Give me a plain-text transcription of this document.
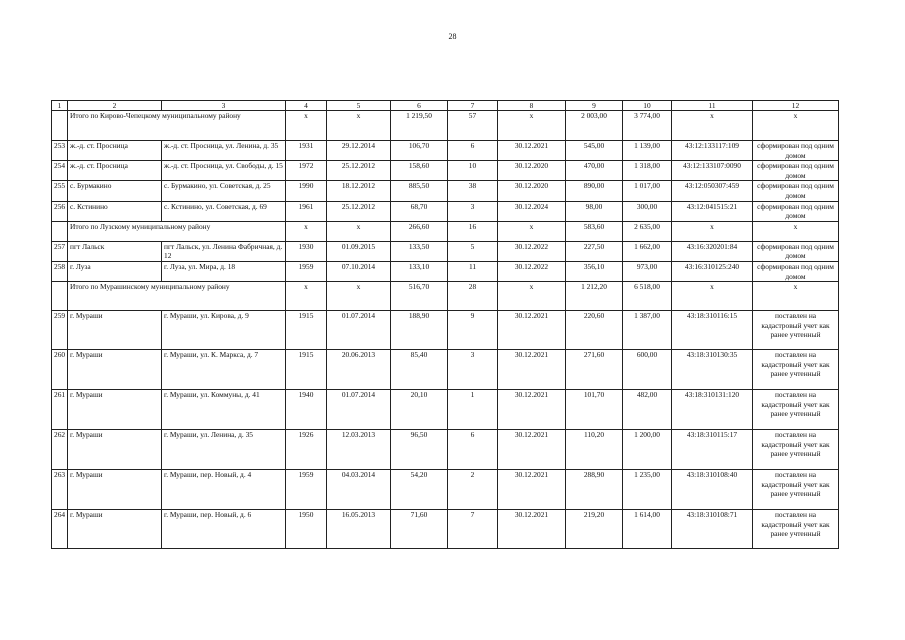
28
1	2	3	4	5	6	7	8	9	10	11	12
	Итого по Кирово-Чепецкому муниципальному району		х	х	1 219,50	57	х	2 003,00	3 774,00	х	х
253	ж.-д. ст. Просница	ж.-д. ст. Просница, ул. Ленина, д. 35	1931	29.12.2014	106,70	6	30.12.2021	545,00	1 139,00	43:12:133117:109	сформирован под одним домом
254	ж.-д. ст. Просница	ж.-д. ст. Просница, ул. Свободы, д. 15	1972	25.12.2012	158,60	10	30.12.2020	470,00	1 318,00	43:12:133107:0090	сформирован под одним домом
255	с. Бурмакино	с. Бурмакино, ул. Советская, д. 25	1990	18.12.2012	885,50	38	30.12.2020	890,00	1 017,00	43:12:050307:459	сформирован под одним домом
256	с. Кстинино	с. Кстинино, ул. Советская, д. 69	1961	25.12.2012	68,70	3	30.12.2024	98,00	300,00	43:12:041515:21	сформирован под одним домом
	Итого по Лузскому муниципальному району		х	х	266,60	16	х	583,60	2 635,00	х	х
257	пгт Лальск	пгт Лальск, ул. Ленина Фабричная, д. 12	1930	01.09.2015	133,50	5	30.12.2022	227,50	1 662,00	43:16:320201:84	сформирован под одним домом
258	г. Луза	г. Луза, ул. Мира, д. 18	1959	07.10.2014	133,10	11	30.12.2022	356,10	973,00	43:16:310125:240	сформирован под одним домом
	Итого по Мурашинскому муниципальному району		х	х	516,70	28	х	1 212,20	6 518,00	х	х
259	г. Мураши	г. Мураши, ул. Кирова, д. 9	1915	01.07.2014	188,90	9	30.12.2021	220,60	1 387,00	43:18:310116:15	поставлен на кадастровый учет как ранее учтенный
260	г. Мураши	г. Мураши, ул. К. Маркса, д. 7	1915	20.06.2013	85,40	3	30.12.2021	271,60	600,00	43:18:310130:35	поставлен на кадастровый учет как ранее учтенный
261	г. Мураши	г. Мураши, ул. Коммуны, д. 41	1940	01.07.2014	20,10	1	30.12.2021	101,70	482,00	43:18:310131:120	поставлен на кадастровый учет как ранее учтенный
262	г. Мураши	г. Мураши, ул. Ленина, д. 35	1926	12.03.2013	96,50	6	30.12.2021	110,20	1 200,00	43:18:310115:17	поставлен на кадастровый учет как ранее учтенный
263	г. Мураши	г. Мураши, пер. Новый, д. 4	1959	04.03.2014	54,20	2	30.12.2021	288,90	1 235,00	43:18:310108:40	поставлен на кадастровый учет как ранее учтенный
264	г. Мураши	г. Мураши, пер. Новый, д. 6	1950	16.05.2013	71,60	7	30.12.2021	219,20	1 614,00	43:18:310108:71	поставлен на кадастровый учет как ранее учтенный
